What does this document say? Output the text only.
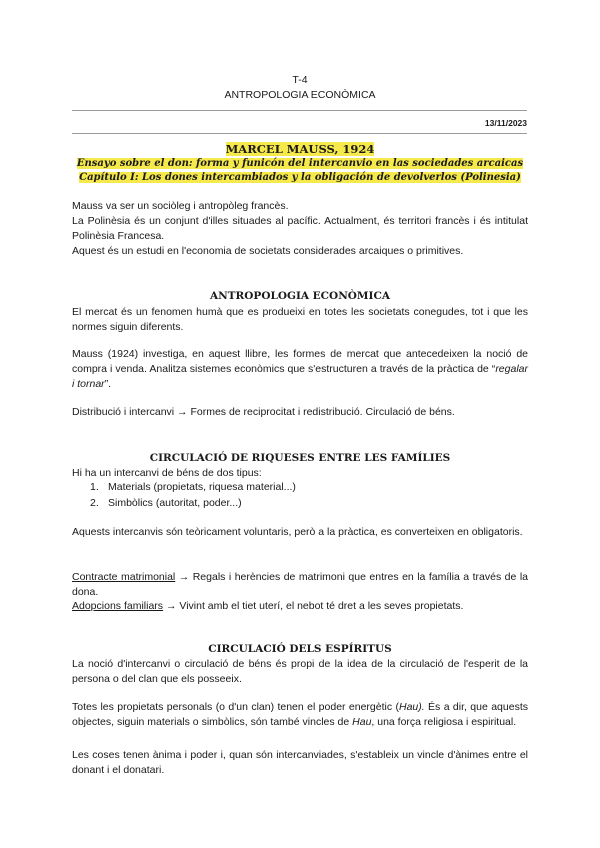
T-4
ANTROPOLOGIA ECONÒMICA
13/11/2023
MARCEL MAUSS, 1924
Ensayo sobre el don: forma y funicón del intercanvio en las sociedades arcaicas
Capítulo I: Los dones intercambiados y la obligación de devolverlos (Polinesia)
Mauss va ser un sociòleg i antropòleg francès.
La Polinèsia és un conjunt d'illes situades al pacífic. Actualment, és territori francès i és intitulat Polinèsia Francesa.
Aquest és un estudi en l'economia de societats considerades arcaiques o primitives.
ANTROPOLOGIA ECONÒMICA
El mercat és un fenomen humà que es produeixi en totes les societats conegudes, tot i que les normes siguin diferents.
Mauss (1924) investiga, en aquest llibre, les formes de mercat que antecedeixen la noció de compra i venda. Analitza sistemes econòmics que s'estructuren a través de la pràctica de “regalar i tornar”.
Distribució i intercanvi → Formes de reciprocitat i redistribució. Circulació de béns.
CIRCULACIÓ DE RIQUESES ENTRE LES FAMÍLIES
Hi ha un intercanvi de béns de dos tipus:
1. Materials (propietats, riquesa material...)
2. Simbòlics (autoritat, poder...)
Aquests intercanvis són teòricament voluntaris, però a la pràctica, es converteixen en obligatoris.
Contracte matrimonial → Regals i herències de matrimoni que entres en la família a través de la dona.
Adopcions familiars → Vivint amb el tiet uterí, el nebot té dret a les seves propietats.
CIRCULACIÓ DELS ESPÍRITUS
La noció d'intercanvi o circulació de béns és propi de la idea de la circulació de l'esperit de la persona o del clan que els posseeix.
Totes les propietats personals (o d'un clan) tenen el poder energètic (Hau). És a dir, que aquests objectes, siguin materials o simbòlics, són també vincles de Hau, una força religiosa i espiritual.
Les coses tenen ànima i poder i, quan són intercanviades, s'estableix un vincle d'ànimes entre el donant i el donatari.
